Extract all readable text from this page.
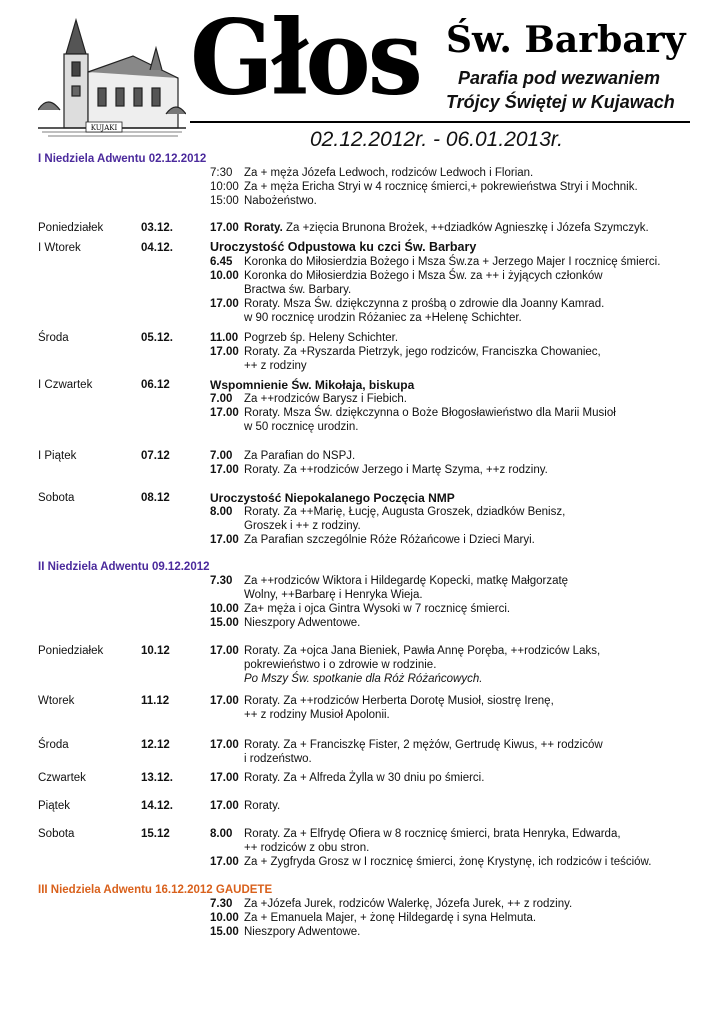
KUJAKI
Głos Św. Barbary
Parafia pod wezwaniem
Trójcy Świętej w Kujawach
02.12.2012r. - 06.01.2013r.
I Niedziela Adwentu 02.12.2012
7:30 Za + męża Józefa Ledwoch, rodziców Ledwoch i Florian.
10:00 Za + męża Ericha Stryi w 4 rocznicę śmierci,+ pokrewieństwa Stryi i Mochnik.
15:00 Nabożeństwo.
Poniedziałek	03.12.	17.00 Roraty. Za +zięcia Brunona Brożek, ++dziadków Agnieszkę i Józefa Szymczyk.
I Wtorek	04.12.	Uroczystość Odpustowa ku czci Św. Barbary
6.45 Koronka do Miłosierdzia Bożego i Msza Św.za + Jerzego Majer I rocznicę śmierci.
10.00 Koronka do Miłosierdzia Bożego i Msza Św. za ++ i żyjących członków
Bractwa św. Barbary.
17.00 Roraty. Msza Św. dziękczynna z prośbą o zdrowie dla Joanny Kamrad.
w 90 rocznicę urodzin Różaniec za +Helenę Schichter.
Środa	05.12.	11.00 Pogrzeb śp. Heleny Schichter.
17.00 Roraty. Za +Ryszarda Pietrzyk, jego rodziców, Franciszka Chowaniec,
++ z rodziny
I Czwartek	06.12	Wspomnienie Św. Mikołaja, biskupa
7.00 Za ++rodziców Barysz i Fiebich.
17.00 Roraty. Msza Św. dziękczynna o Boże Błogosławieństwo dla Marii Musioł
w 50 rocznicę urodzin.
I Piątek	07.12	7.00 Za Parafian do NSPJ.
17.00 Roraty. Za ++rodziców Jerzego i Martę Szyma, ++z rodziny.
Sobota	08.12	Uroczystość Niepokalanego Poczęcia NMP
8.00 Roraty. Za ++Marię, Łucję, Augusta Groszek, dziadków Benisz,
Groszek i ++ z rodziny.
17.00 Za Parafian szczególnie Róże Różańcowe i Dzieci Maryi.
II Niedziela Adwentu 09.12.2012
7.30 Za ++rodziców Wiktora i Hildegardę Kopecki, matkę Małgorzatę
Wolny, ++Barbarę i Henryka Wieja.
10.00 Za+ męża i ojca Gintra Wysoki w 7 rocznicę śmierci.
15.00 Nieszpory Adwentowe.
Poniedziałek	10.12	17.00 Roraty. Za +ojca Jana Bieniek, Pawła Annę Poręba, ++rodziców Laks,
pokrewieństwo i o zdrowie w rodzinie.
Po Mszy Św. spotkanie dla Róż Różańcowych.
Wtorek	11.12	17.00 Roraty. Za ++rodziców Herberta Dorotę Musioł, siostrę Irenę,
++ z rodziny Musioł Apolonii.
Środa	12.12	17.00 Roraty. Za + Franciszkę Fister, 2 mężów, Gertrudę Kiwus, ++ rodziców
i rodzeństwo.
Czwartek	13.12.	17.00 Roraty. Za + Alfreda Żylla w 30 dniu po śmierci.
Piątek	14.12.	17.00 Roraty.
Sobota	15.12	8.00 Roraty. Za + Elfrydę Ofiera w 8 rocznicę śmierci, brata Henryka, Edwarda,
++ rodziców z obu stron.
17.00 Za + Zygfryda Grosz w I rocznicę śmierci, żonę Krystynę, ich rodziców i teściów.
III Niedziela Adwentu 16.12.2012 GAUDETE
7.30 Za +Józefa Jurek, rodziców Walerkę, Józefa Jurek, ++ z rodziny.
10.00 Za + Emanuela Majer, + żonę Hildegardę i syna Helmuta.
15.00 Nieszpory Adwentowe.
